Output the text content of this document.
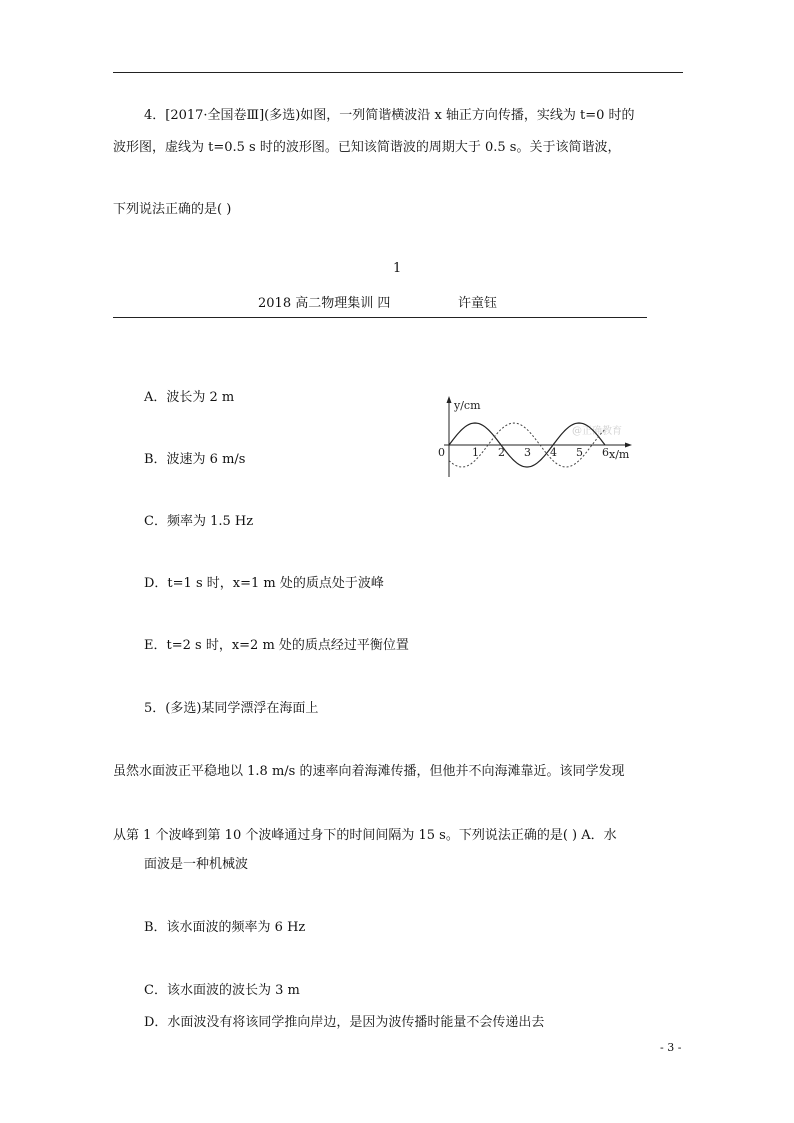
4．[2017·全国卷Ⅲ](多选)如图，一列简谐横波沿 x 轴正方向传播，实线为 t=0 时的
波形图，虚线为 t=0.5 s 时的波形图。已知该简谐波的周期大于 0.5 s。关于该简谐波，
下列说法正确的是( )
1
2018 高二物理集训 四	许童钰
A．波长为 2 m
B．波速为 6 m/s
C．频率为 1.5 Hz
D．t=1 s 时，x=1 m 处的质点处于波峰
E．t=2 s 时，x=2 m 处的质点经过平衡位置
@正确教育
y/cm
x/m
0 1 2 3 4 5 6
5．(多选)某同学漂浮在海面上
虽然水面波正平稳地以 1.8 m/s 的速率向着海滩传播，但他并不向海滩靠近。该同学发现
从第 1 个波峰到第 10 个波峰通过身下的时间间隔为 15 s。下列说法正确的是( ) A．水
面波是一种机械波
B．该水面波的频率为 6 Hz
C．该水面波的波长为 3 m
D．水面波没有将该同学推向岸边，是因为波传播时能量不会传递出去
- 3 -
